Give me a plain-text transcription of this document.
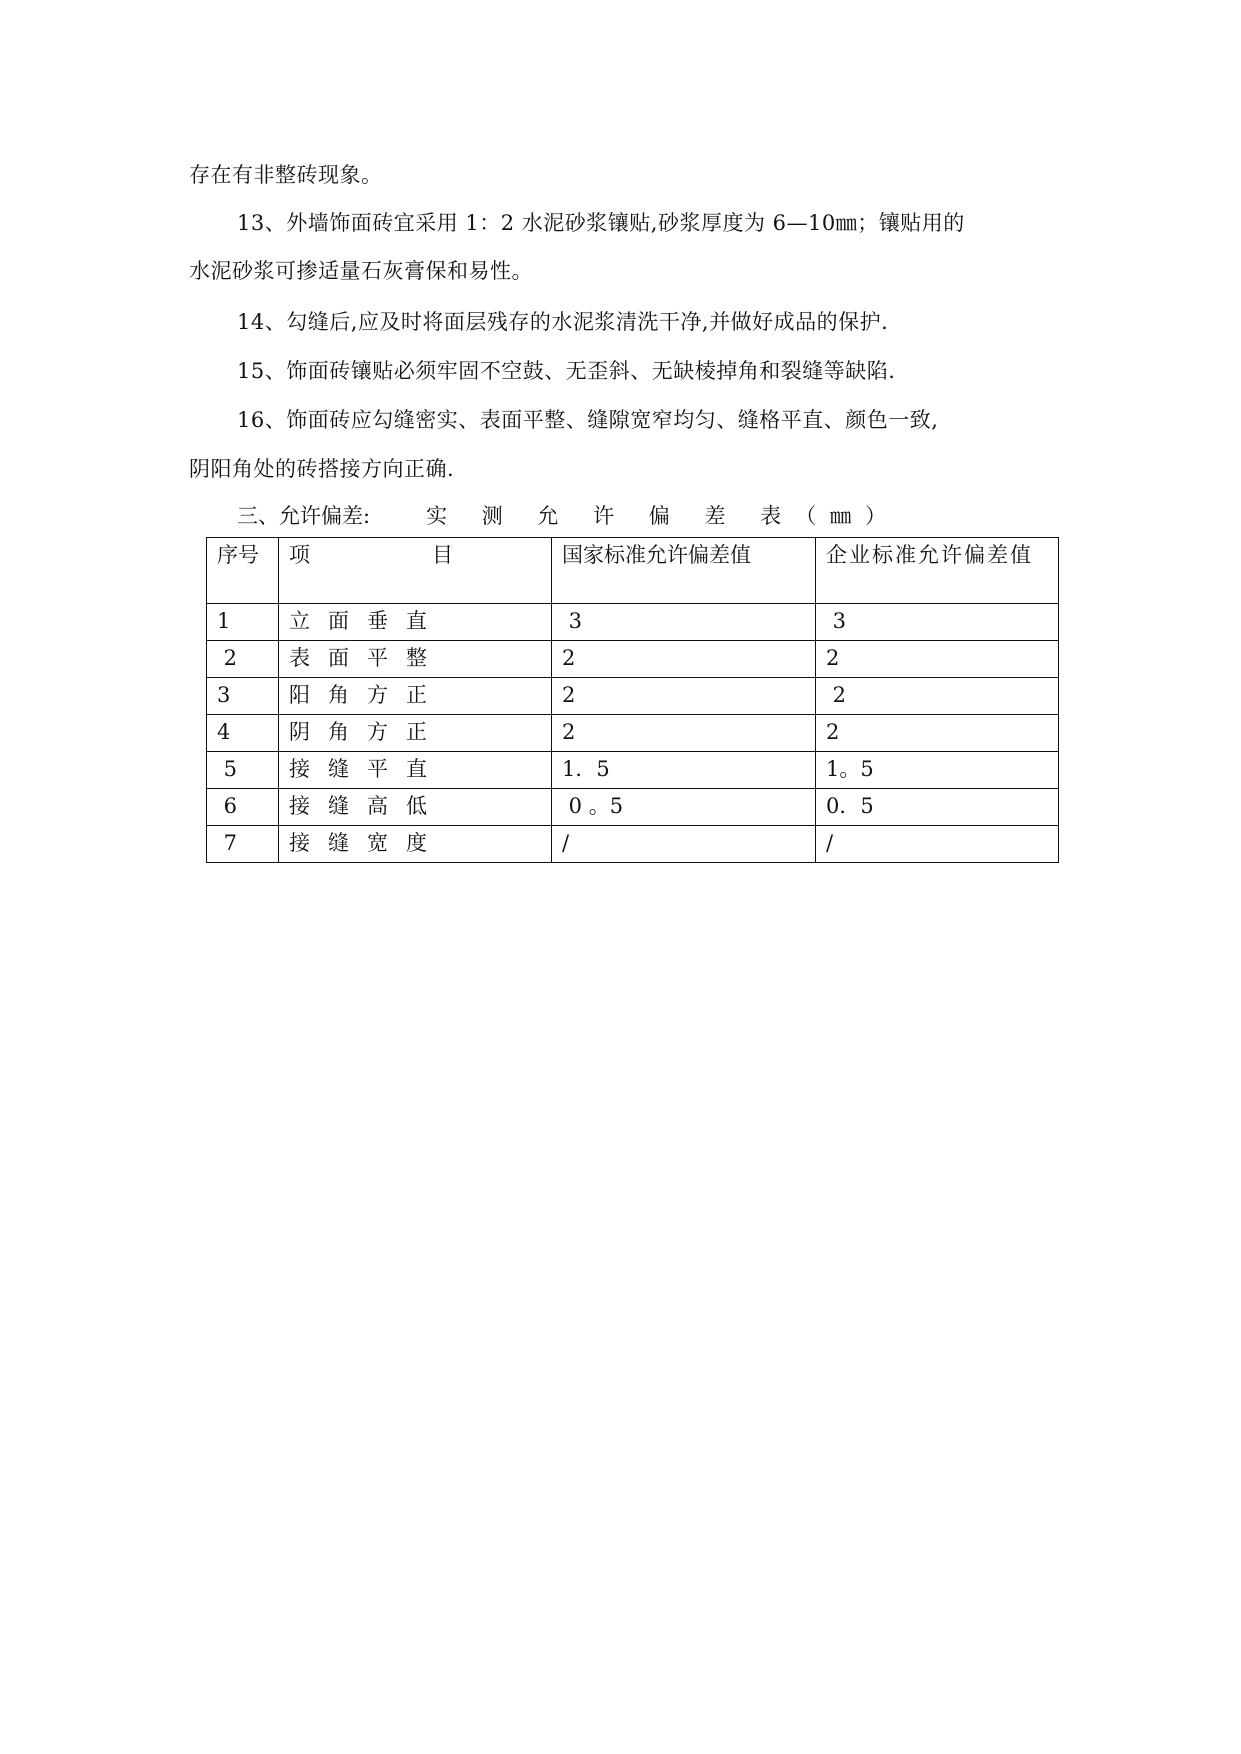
存在有非整砖现象。
13、外墙饰面砖宜采用 1：2 水泥砂浆镶贴,砂浆厚度为 6—10㎜；镶贴用的
水泥砂浆可掺适量石灰膏保和易性。
14、勾缝后,应及时将面层残存的水泥浆清洗干净,并做好成品的保护.
15、饰面砖镶贴必须牢固不空鼓、无歪斜、无缺棱掉角和裂缝等缺陷.
16、饰面砖应勾缝密实、表面平整、缝隙宽窄均匀、缝格平直、颜色一致,
阴阳角处的砖搭接方向正确.
三、允许偏差:	实 测 允 许 偏 差 表（㎜）
序号	项 目	国家标准允许偏差值	企业标准允许偏差值
1	立面垂直	3	3
2	表面平整	2	2
3	阳角方正	2	2
4	阴角方正	2	2
5	接缝平直	1．5	1。5
6	接缝高低	0 。5	0．5
7	接缝宽度	/	/
